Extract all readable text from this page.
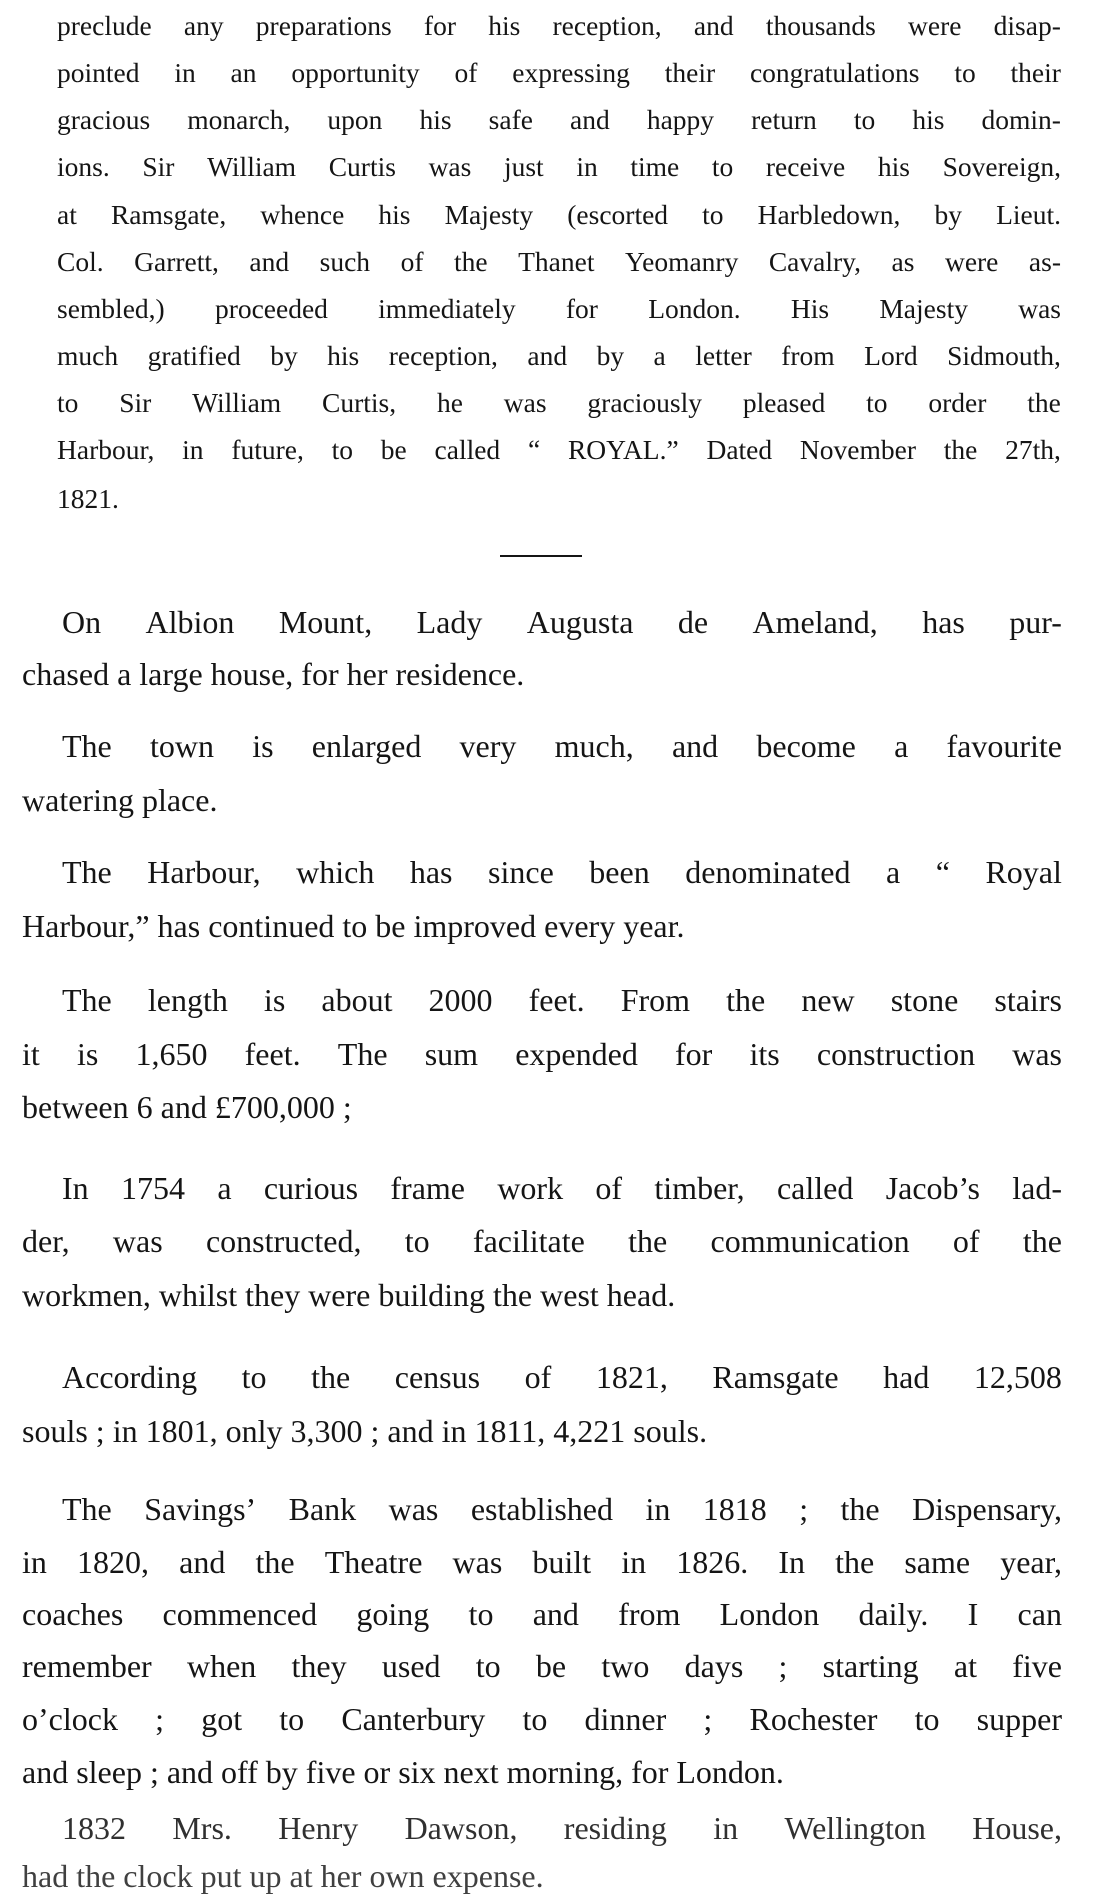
preclude any preparations for his reception, and thousands were disap-
pointed in an opportunity of expressing their congratulations to their
gracious monarch, upon his safe and happy return to his domin-
ions. Sir William Curtis was just in time to receive his Sovereign,
at Ramsgate, whence his Majesty (escorted to Harbledown, by Lieut.
Col. Garrett, and such of the Thanet Yeomanry Cavalry, as were as-
sembled,) proceeded immediately for London. His Majesty was
much gratified by his reception, and by a letter from Lord Sidmouth,
to Sir William Curtis, he was graciously pleased to order the
Harbour, in future, to be called “ ROYAL.” Dated November the 27th,
1821.
On Albion Mount, Lady Augusta de Ameland, has pur-
chased a large house, for her residence.
The town is enlarged very much, and become a favourite
watering place.
The Harbour, which has since been denominated a “ Royal
Harbour,” has continued to be improved every year.
The length is about 2000 feet. From the new stone stairs
it is 1,650 feet. The sum expended for its construction was
between 6 and £700,000 ;
In 1754 a curious frame work of timber, called Jacob’s lad-
der, was constructed, to facilitate the communication of the
workmen, whilst they were building the west head.
According to the census of 1821, Ramsgate had 12,508
souls ; in 1801, only 3,300 ; and in 1811, 4,221 souls.
The Savings’ Bank was established in 1818 ; the Dispensary,
in 1820, and the Theatre was built in 1826. In the same year,
coaches commenced going to and from London daily. I can
remember when they used to be two days ; starting at five
o’clock ; got to Canterbury to dinner ; Rochester to supper
and sleep ; and off by five or six next morning, for London.
1832 Mrs. Henry Dawson, residing in Wellington House,
had the clock put up at her own expense.
